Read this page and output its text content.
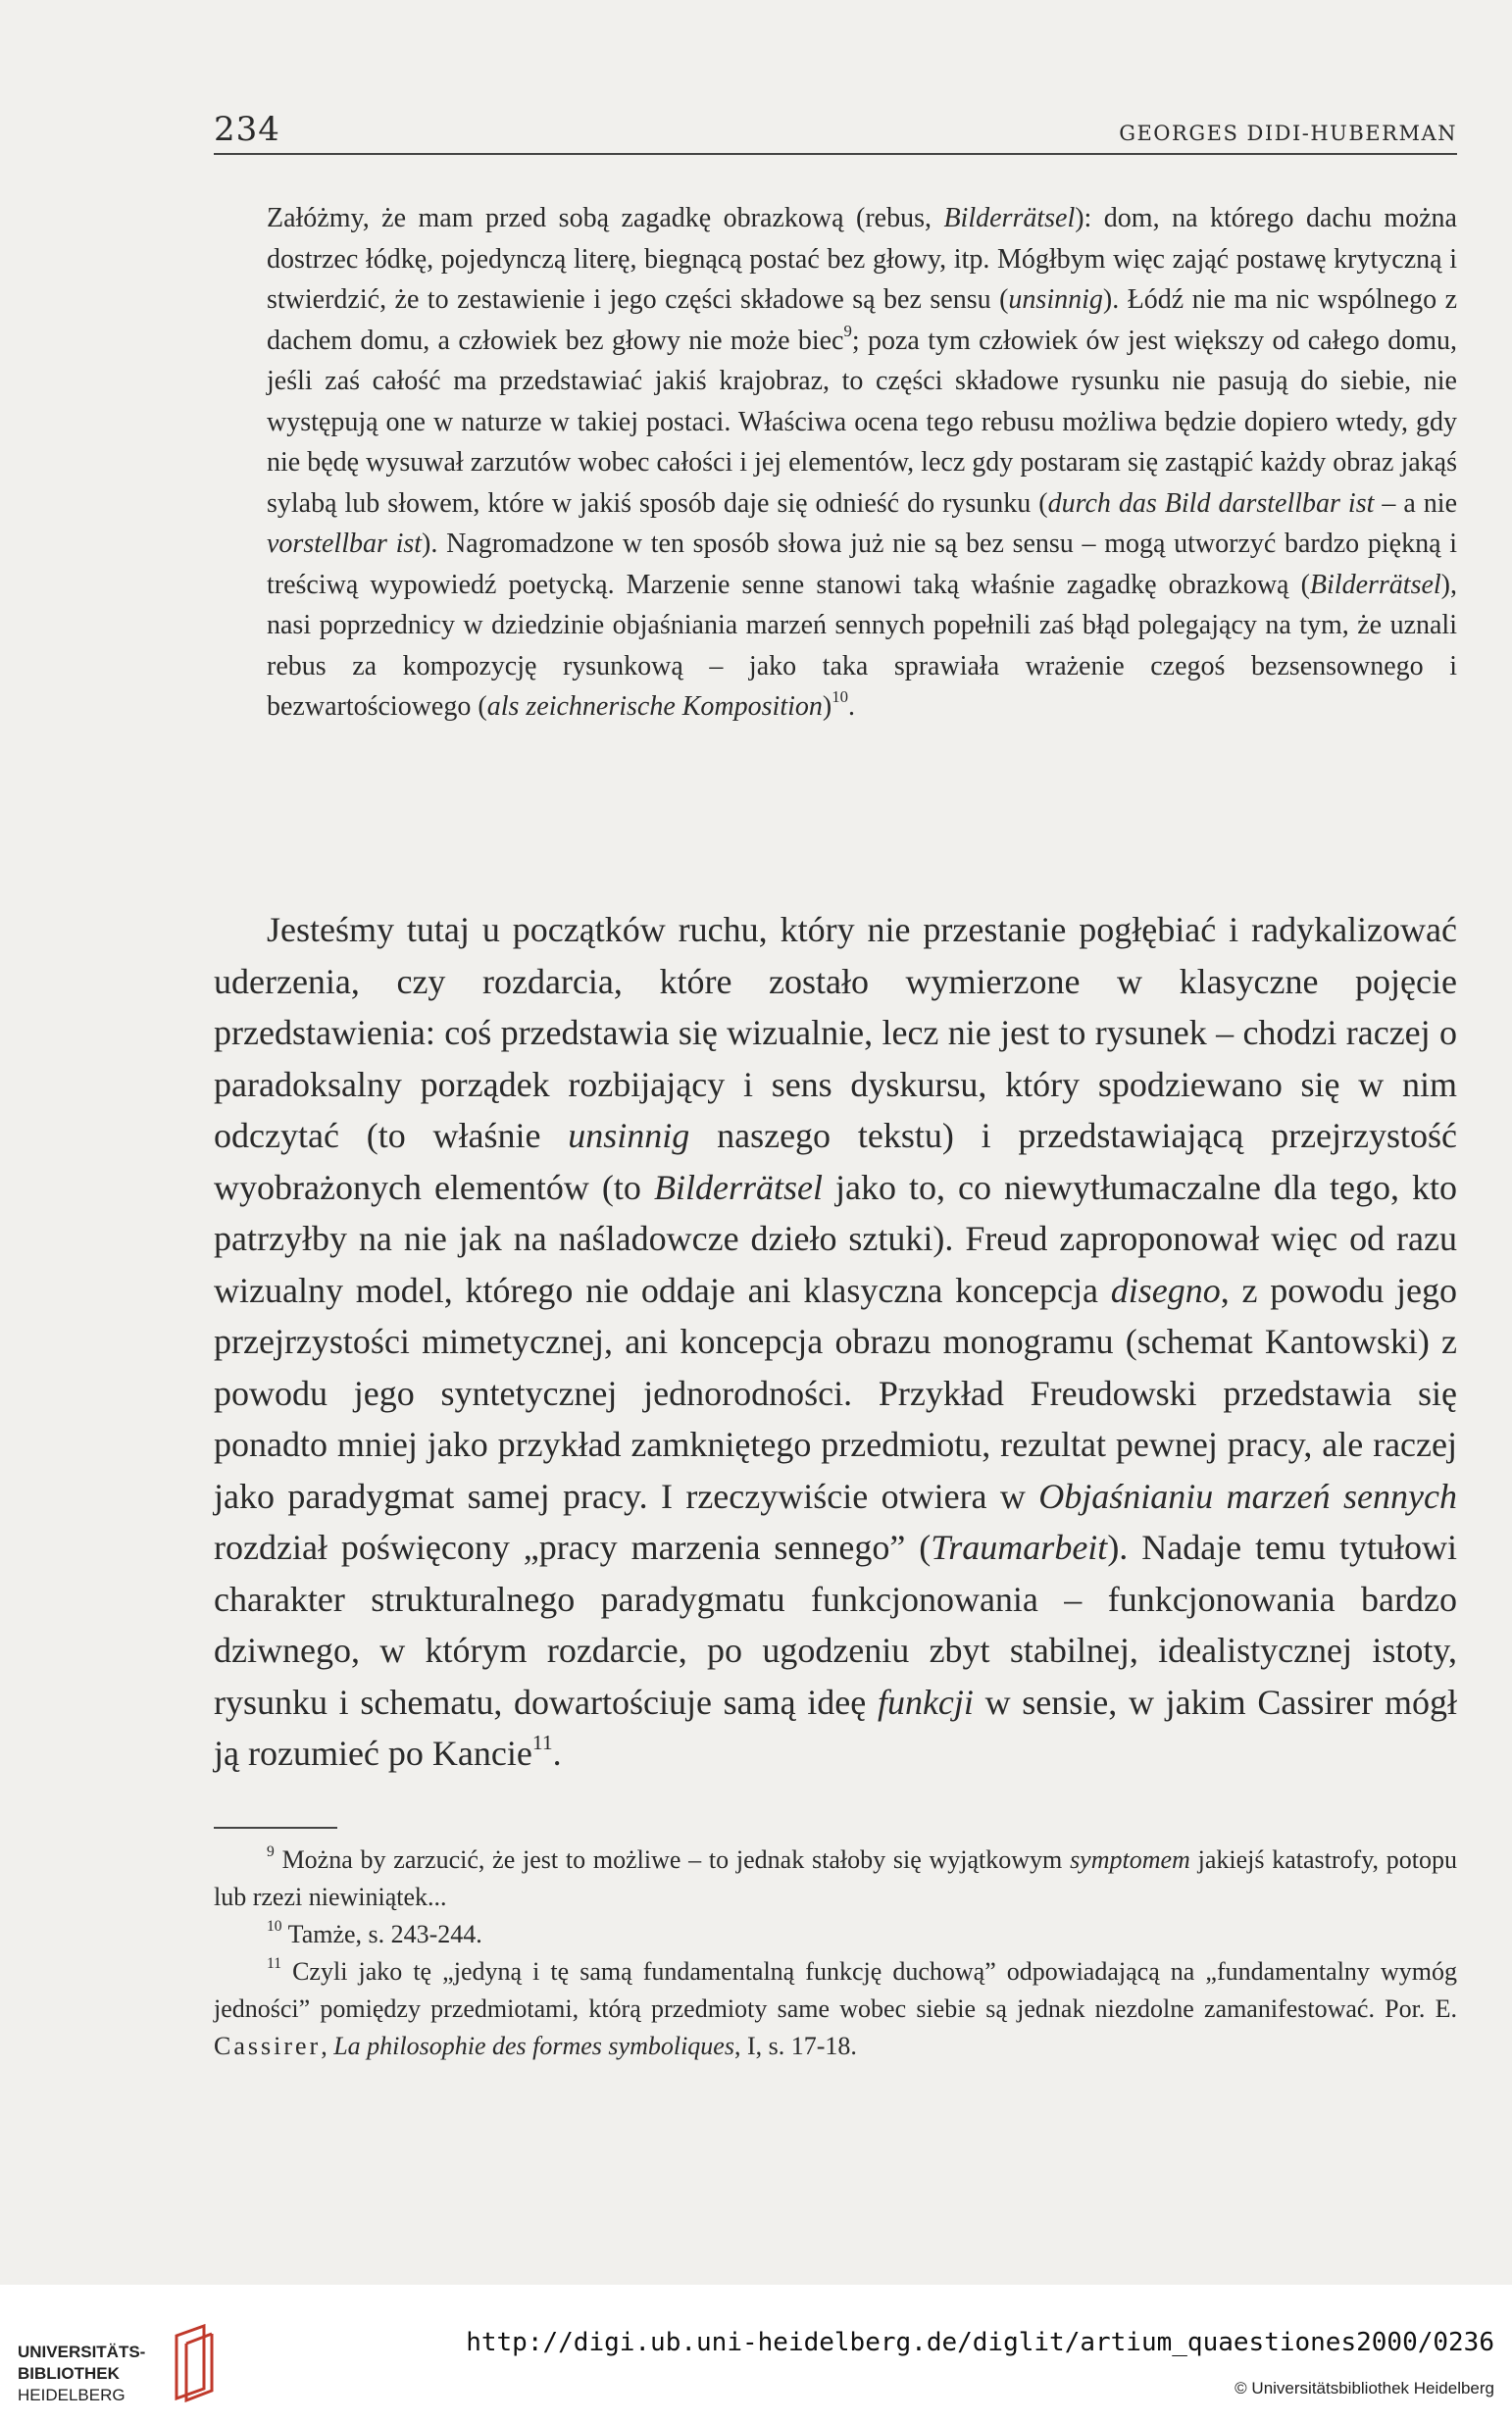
234	GEORGES DIDI-HUBERMAN

Załóżmy, że mam przed sobą zagadkę obrazkową (rebus, Bilderrätsel): dom, na którego dachu można dostrzec łódkę, pojedynczą literę, biegnącą postać bez głowy, itp. Mógłbym więc zająć postawę krytyczną i stwierdzić, że to zestawienie i jego części składowe są bez sensu (unsinnig). Łódź nie ma nic wspólnego z dachem domu, a człowiek bez głowy nie może biec$^9$; poza tym człowiek ów jest większy od całego domu, jeśli zaś całość ma przedstawiać jakiś krajobraz, to części składowe rysunku nie pasują do siebie, nie występują one w naturze w takiej postaci. Właściwa ocena tego rebusu możliwa będzie dopiero wtedy, gdy nie będę wysuwał zarzutów wobec całości i jej elementów, lecz gdy postaram się zastąpić każdy obraz jakąś sylabą lub słowem, które w jakiś sposób daje się odnieść do rysunku (durch das Bild darstellbar ist – a nie vorstellbar ist). Nagromadzone w ten sposób słowa już nie są bez sensu – mogą utworzyć bardzo piękną i treściwą wypowiedź poetycką. Marzenie senne stanowi taką właśnie zagadkę obrazkową (Bilderrätsel), nasi poprzednicy w dziedzinie objaśniania marzeń sennych popełnili zaś błąd polegający na tym, że uznali rebus za kompozycję rysunkową – jako taka sprawiała wrażenie czegoś bezsensownego i bezwartościowego (als zeichnerische Komposition)$^{10}$.

Jesteśmy tutaj u początków ruchu, który nie przestanie pogłębiać i radykalizować uderzenia, czy rozdarcia, które zostało wymierzone w klasyczne pojęcie przedstawienia: coś przedstawia się wizualnie, lecz nie jest to rysunek – chodzi raczej o paradoksalny porządek rozbijający i sens dyskursu, który spodziewano się w nim odczytać (to właśnie unsinnig naszego tekstu) i przedstawiającą przejrzystość wyobrażonych elementów (to Bilderrätsel jako to, co niewytłumaczalne dla tego, kto patrzyłby na nie jak na naśladowcze dzieło sztuki). Freud zaproponował więc od razu wizualny model, którego nie oddaje ani klasyczna koncepcja disegno, z powodu jego przejrzystości mimetycznej, ani koncepcja obrazu monogramu (schemat Kantowski) z powodu jego syntetycznej jednorodności. Przykład Freudowski przedstawia się ponadto mniej jako przykład zamkniętego przedmiotu, rezultat pewnej pracy, ale raczej jako paradygmat samej pracy. I rzeczywiście otwiera w Objaśnianiu marzeń sennych rozdział poświęcony „pracy marzenia sennego” (Traumarbeit). Nadaje temu tytułowi charakter strukturalnego paradygmatu funkcjonowania – funkcjonowania bardzo dziwnego, w którym rozdarcie, po ugodzeniu zbyt stabilnej, idealistycznej istoty, rysunku i schematu, dowartościuje samą ideę funkcji w sensie, w jakim Cassirer mógł ją rozumieć po Kancie$^{11}$.

$^9$ Można by zarzucić, że jest to możliwe – to jednak stałoby się wyjątkowym symptomem jakiejś katastrofy, potopu lub rzezi niewiniątek...

$^{10}$ Tamże, s. 243-244.

$^{11}$ Czyli jako tę „jedyną i tę samą fundamentalną funkcję duchową” odpowiadającą na „fundamentalny wymóg jedności” pomiędzy przedmiotami, którą przedmioty same wobec siebie są jednak niezdolne zamanifestować. Por. E. Cassirer, La philosophie des formes symboliques, I, s. 17-18.

UNIVERSITÄTS-
BIBLIOTHEK
HEIDELBERG
http://digi.ub.uni-heidelberg.de/diglit/artium_quaestiones2000/0236
© Universitätsbibliothek Heidelberg
